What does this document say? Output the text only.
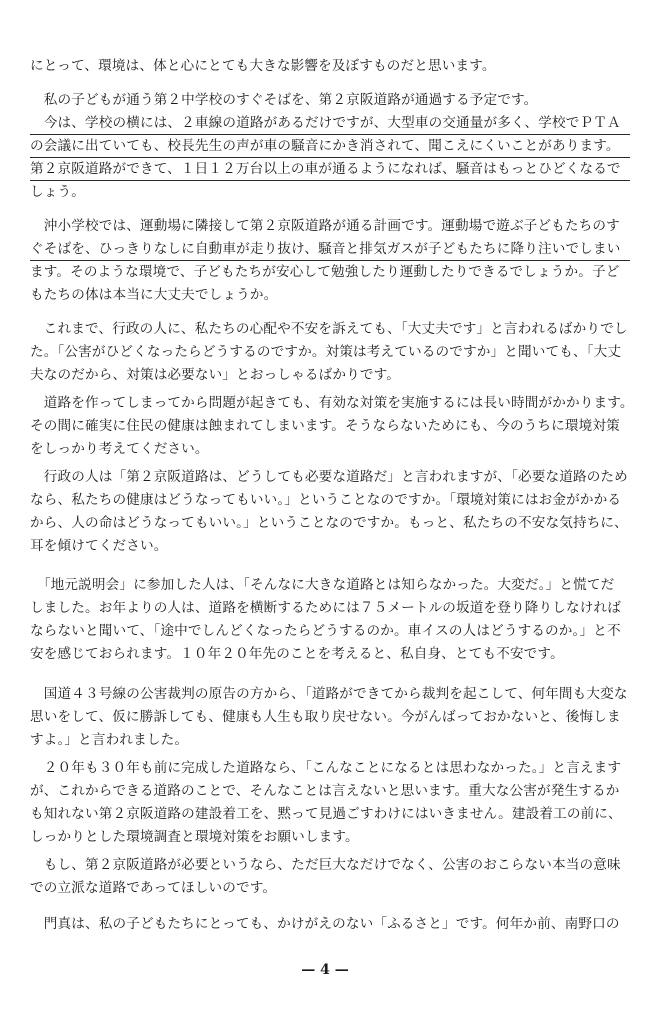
にとって、環境は、体と心にとても大きな影響を及ぼすものだと思います。
　私の子どもが通う第２中学校のすぐそばを、第２京阪道路が通過する予定です。
　今は、学校の横には、２車線の道路があるだけですが、大型車の交通量が多く、学校でＰＴＡ
の会議に出ていても、校長先生の声が車の騒音にかき消されて、聞こえにくいことがあります。
第２京阪道路ができて、１日１２万台以上の車が通るようになれば、騒音はもっとひどくなるで
しょう。
　沖小学校では、運動場に隣接して第２京阪道路が通る計画です。運動場で遊ぶ子どもたちのす
ぐそばを、ひっきりなしに自動車が走り抜け、騒音と排気ガスが子どもたちに降り注いでしまい
ます。そのような環境で、子どもたちが安心して勉強したり運動したりできるでしょうか。子ど
もたちの体は本当に大丈夫でしょうか。
　これまで、行政の人に、私たちの心配や不安を訴えても、「大丈夫です」と言われるばかりでし
た。「公害がひどくなったらどうするのですか。対策は考えているのですか」と聞いても、「大丈
夫なのだから、対策は必要ない」とおっしゃるばかりです。
　道路を作ってしまってから問題が起きても、有効な対策を実施するには長い時間がかかります。
その間に確実に住民の健康は蝕まれてしまいます。そうならないためにも、今のうちに環境対策
をしっかり考えてください。
　行政の人は「第２京阪道路は、どうしても必要な道路だ」と言われますが、「必要な道路のため
なら、私たちの健康はどうなってもいい。」ということなのですか。「環境対策にはお金がかかる
から、人の命はどうなってもいい。」ということなのですか。もっと、私たちの不安な気持ちに、
耳を傾けてください。
　「地元説明会」に参加した人は、「そんなに大きな道路とは知らなかった。大変だ。」と慌てだ
しました。お年よりの人は、道路を横断するためには７５メートルの坂道を登り降りしなければ
ならないと聞いて、「途中でしんどくなったらどうするのか。車イスの人はどうするのか。」と不
安を感じておられます。１０年２０年先のことを考えると、私自身、とても不安です。
　国道４３号線の公害裁判の原告の方から、「道路ができてから裁判を起こして、何年間も大変な
思いをして、仮に勝訴しても、健康も人生も取り戻せない。今がんばっておかないと、後悔しま
すよ。」と言われました。
　２０年も３０年も前に完成した道路なら、「こんなことになるとは思わなかった。」と言えます
が、これからできる道路のことで、そんなことは言えないと思います。重大な公害が発生するか
も知れない第２京阪道路の建設着工を、黙って見過ごすわけにはいきません。建設着工の前に、
しっかりとした環境調査と環境対策をお願いします。
　もし、第２京阪道路が必要というなら、ただ巨大なだけでなく、公害のおこらない本当の意味
での立派な道路であってほしいのです。
　門真は、私の子どもたちにとっても、かけがえのない「ふるさと」です。何年か前、南野口の
— 4 —
